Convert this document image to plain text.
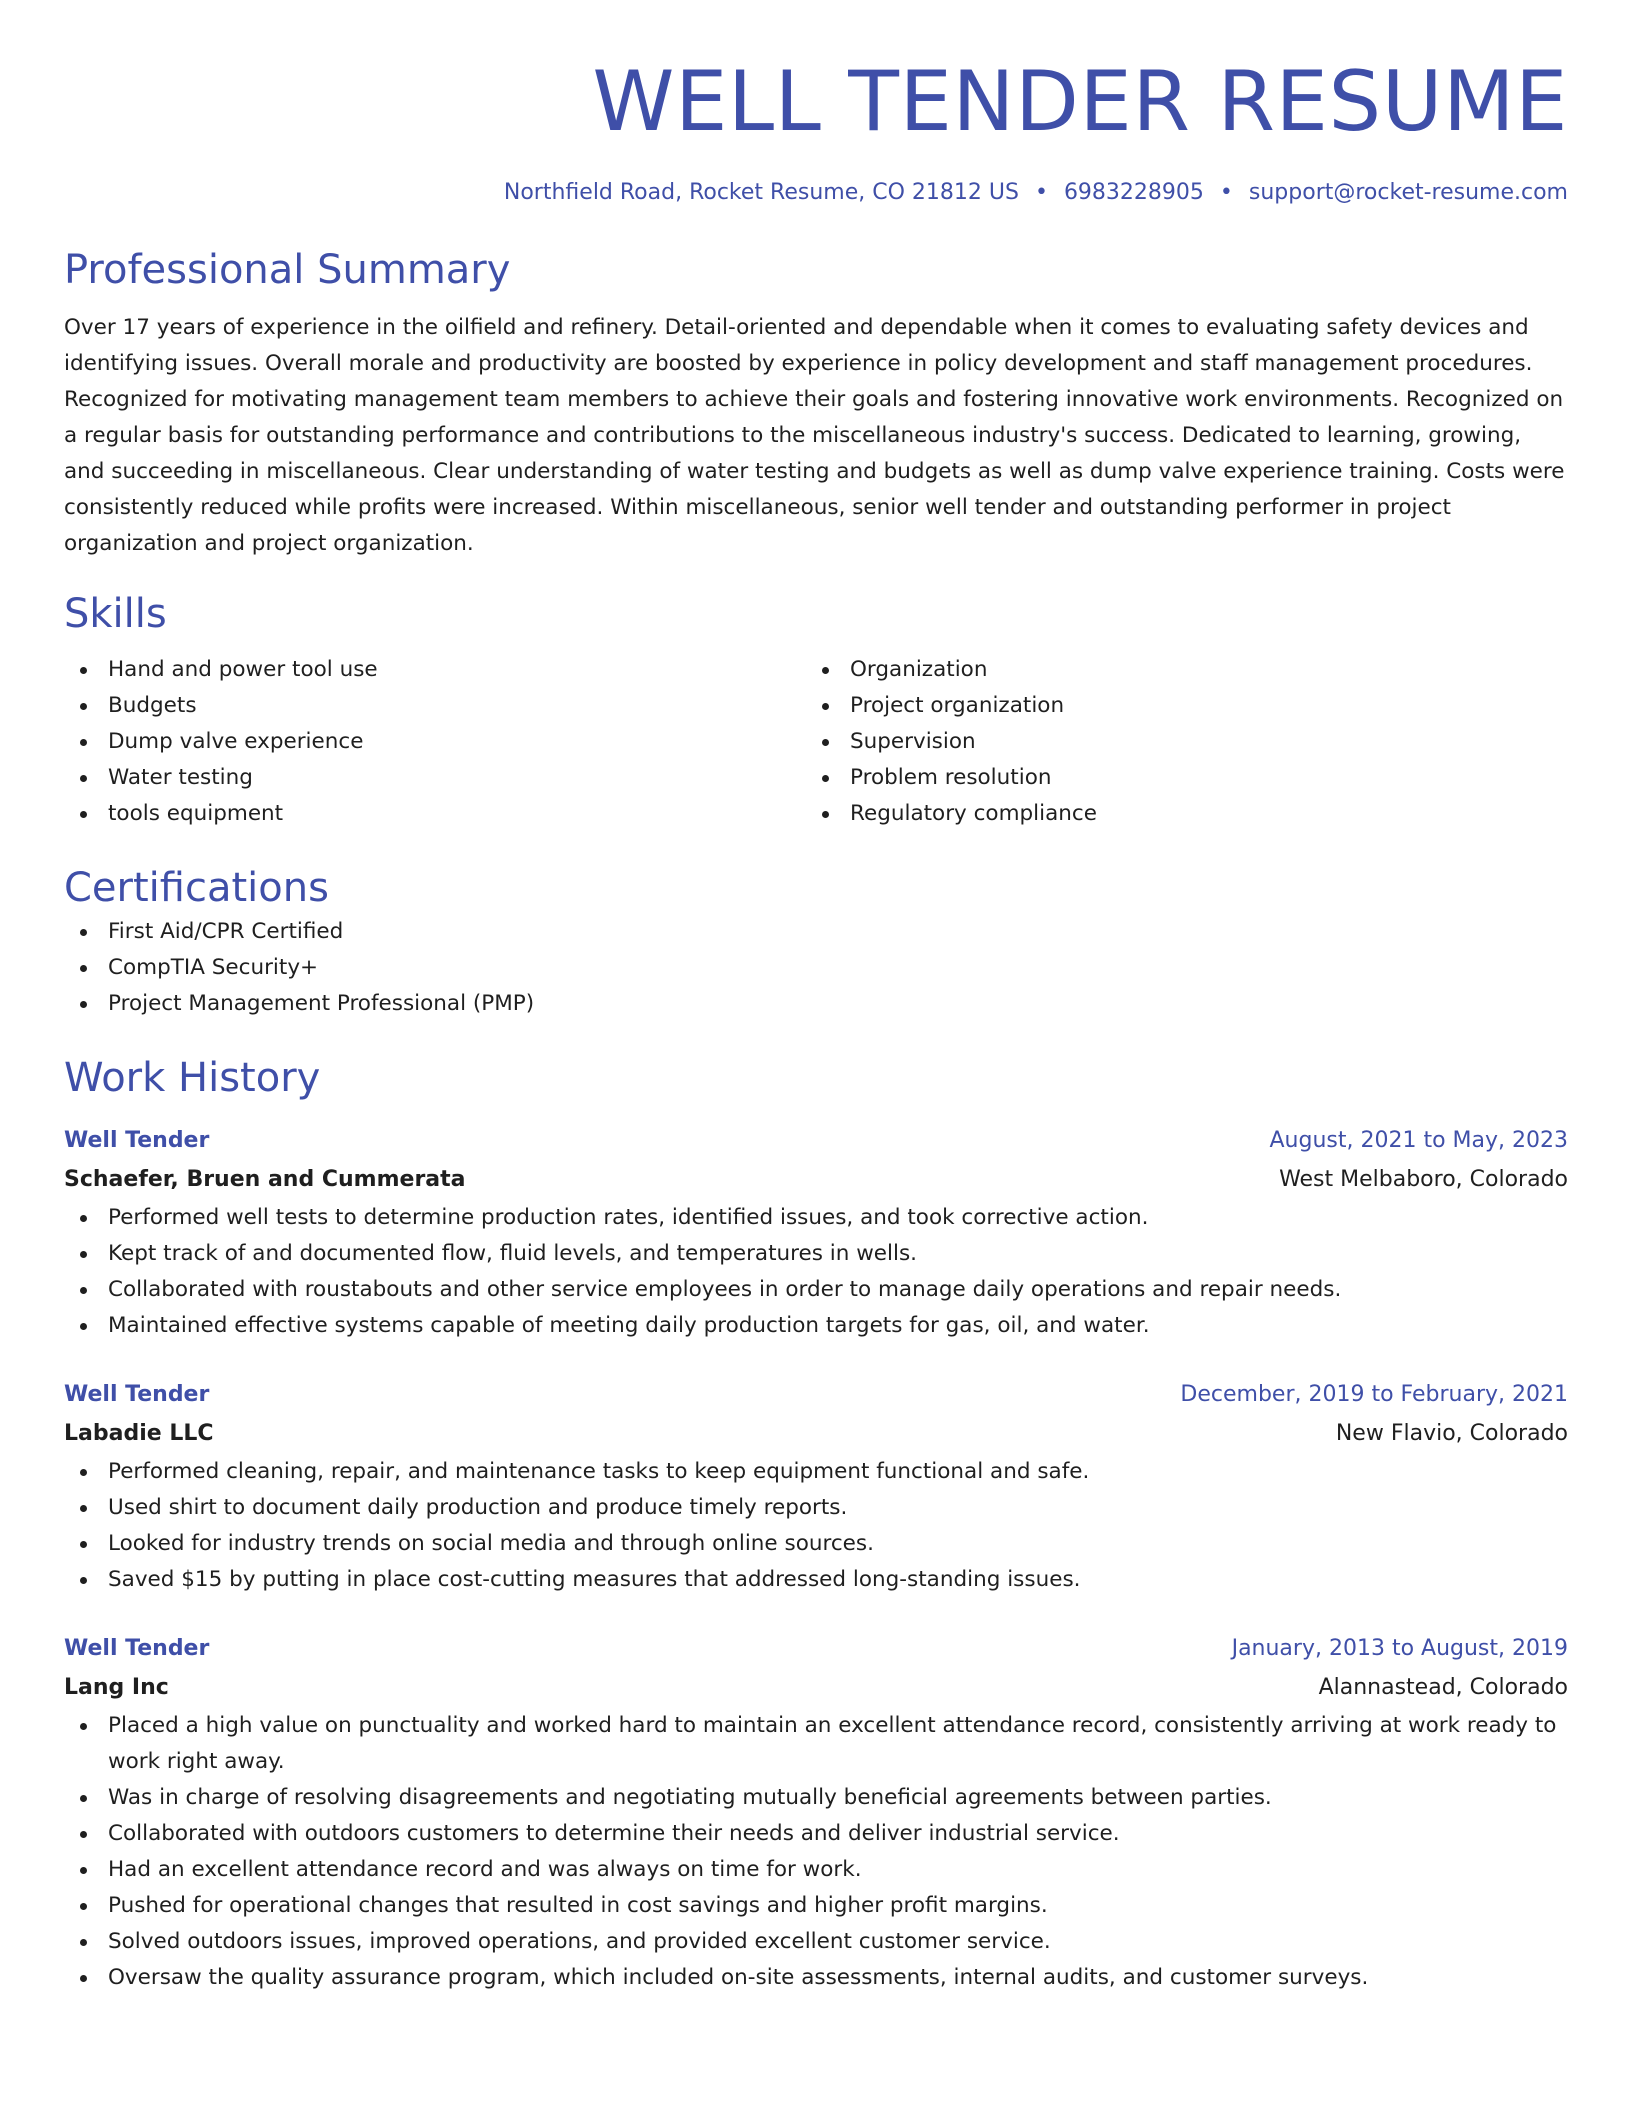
WELL TENDER RESUME
Northfield Road, Rocket Resume, CO 21812 US • 6983228905 • support@rocket-resume.com
Professional Summary

Over 17 years of experience in the oilfield and refinery. Detail-oriented and dependable when it comes to evaluating safety devices and identifying issues. Overall morale and productivity are boosted by experience in policy development and staff management procedures. Recognized for motivating management team members to achieve their goals and fostering innovative work environments. Recognized on a regular basis for outstanding performance and contributions to the miscellaneous industry's success. Dedicated to learning, growing, and succeeding in miscellaneous. Clear understanding of water testing and budgets as well as dump valve experience training. Costs were consistently reduced while profits were increased. Within miscellaneous, senior well tender and outstanding performer in project organization and project organization.

Skills
Hand and power tool use
Budgets
Dump valve experience
Water testing
tools equipment
Organization
Project organization
Supervision
Problem resolution
Regulatory compliance
Certifications
First Aid/CPR Certified
CompTIA Security+
Project Management Professional (PMP)
Work History
Well Tender	August, 2021 to May, 2023
Schaefer, Bruen and Cummerata	West Melbaboro, Colorado
Performed well tests to determine production rates, identified issues, and took corrective action.
Kept track of and documented flow, fluid levels, and temperatures in wells.
Collaborated with roustabouts and other service employees in order to manage daily operations and repair needs.
Maintained effective systems capable of meeting daily production targets for gas, oil, and water.
Well Tender	December, 2019 to February, 2021
Labadie LLC	New Flavio, Colorado
Performed cleaning, repair, and maintenance tasks to keep equipment functional and safe.
Used shirt to document daily production and produce timely reports.
Looked for industry trends on social media and through online sources.
Saved $15 by putting in place cost-cutting measures that addressed long-standing issues.
Well Tender	January, 2013 to August, 2019
Lang Inc	Alannastead, Colorado
Placed a high value on punctuality and worked hard to maintain an excellent attendance record, consistently arriving at work ready to work right away.
Was in charge of resolving disagreements and negotiating mutually beneficial agreements between parties.
Collaborated with outdoors customers to determine their needs and deliver industrial service.
Had an excellent attendance record and was always on time for work.
Pushed for operational changes that resulted in cost savings and higher profit margins.
Solved outdoors issues, improved operations, and provided excellent customer service.
Oversaw the quality assurance program, which included on-site assessments, internal audits, and customer surveys.
